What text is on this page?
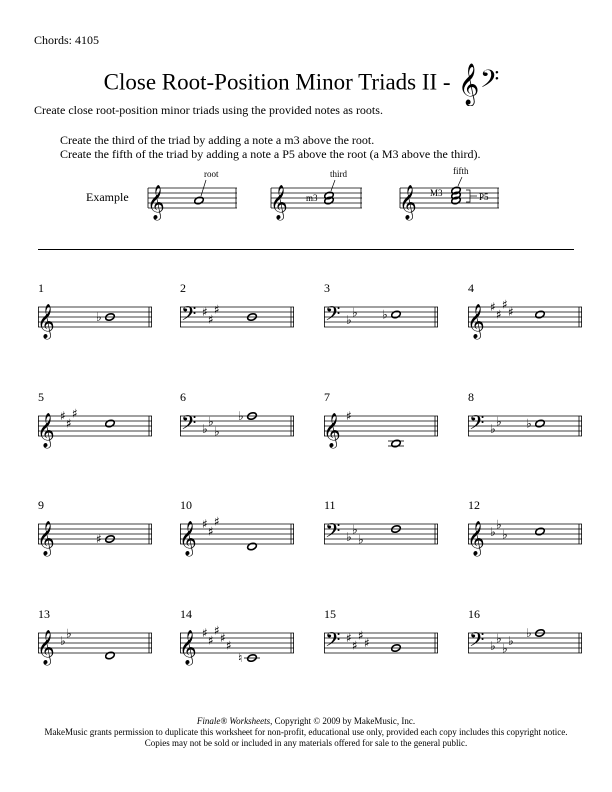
Chords: 4105
Close Root-Position Minor Triads II - 𝄞 𝄢
Create close root-position minor triads using the provided notes as roots.
Create the third of the triad by adding a note a m3 above the root.
Create the fifth of the triad by adding a note a P5 above the root (a M3 above the third).
Example 𝄞
root
𝄞
third
m3	𝄞
fifth
M3	P5
1
𝄞	♭
2
𝄢 ♯
♯
♯
3
𝄢 ♭
♭ ♭
4
𝄞 ♯
♯
♯
♯
5
𝄞 ♯
♯
♯
6
𝄢 ♭
♭
♭
♭
7
𝄞 ♯
8
𝄢 ♭
♭ ♭
9
𝄞	♯
10
𝄞 ♯
♯
♯
11
𝄢 ♭
♭
♭
12
𝄞 ♭
♭
♭
13
𝄞 ♭
♭
14
𝄞 ♯
♯
♯
♯
♯
♮
15
𝄢 ♯
♯
♯
♯
16
𝄢 ♭
♭
♭
♭
♭
Finale® Worksheets, Copyright © 2009 by MakeMusic, Inc.
MakeMusic grants permission to duplicate this worksheet for non-profit, educational use only, provided each copy includes this copyright notice.
Copies may not be sold or included in any materials offered for sale to the general public.
